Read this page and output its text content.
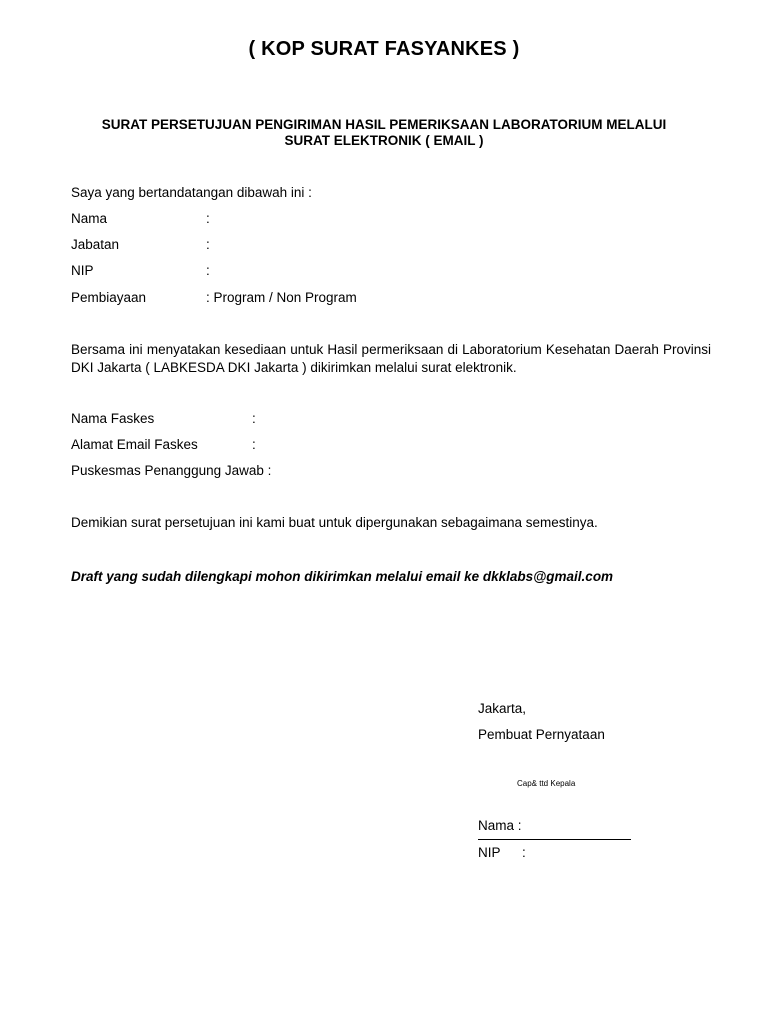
( KOP SURAT FASYANKES )
SURAT PERSETUJUAN PENGIRIMAN HASIL PEMERIKSAAN LABORATORIUM MELALUI
SURAT ELEKTRONIK ( EMAIL )
Saya yang bertandatangan dibawah ini :
Nama	:
Jabatan	:
NIP	:
Pembiayaan	: Program / Non Program
Bersama ini menyatakan kesediaan untuk Hasil permeriksaan di Laboratorium Kesehatan Daerah Provinsi DKI Jakarta ( LABKESDA DKI Jakarta ) dikirimkan melalui surat elektronik.
Nama Faskes	:
Alamat Email Faskes	:
Puskesmas Penanggung Jawab :
Demikian surat persetujuan ini kami buat untuk dipergunakan sebagaimana semestinya.
Draft yang sudah dilengkapi mohon dikirimkan melalui email ke dkklabs@gmail.com
Jakarta,
Pembuat Pernyataan
Cap& ttd Kepala
Nama :
NIP :
